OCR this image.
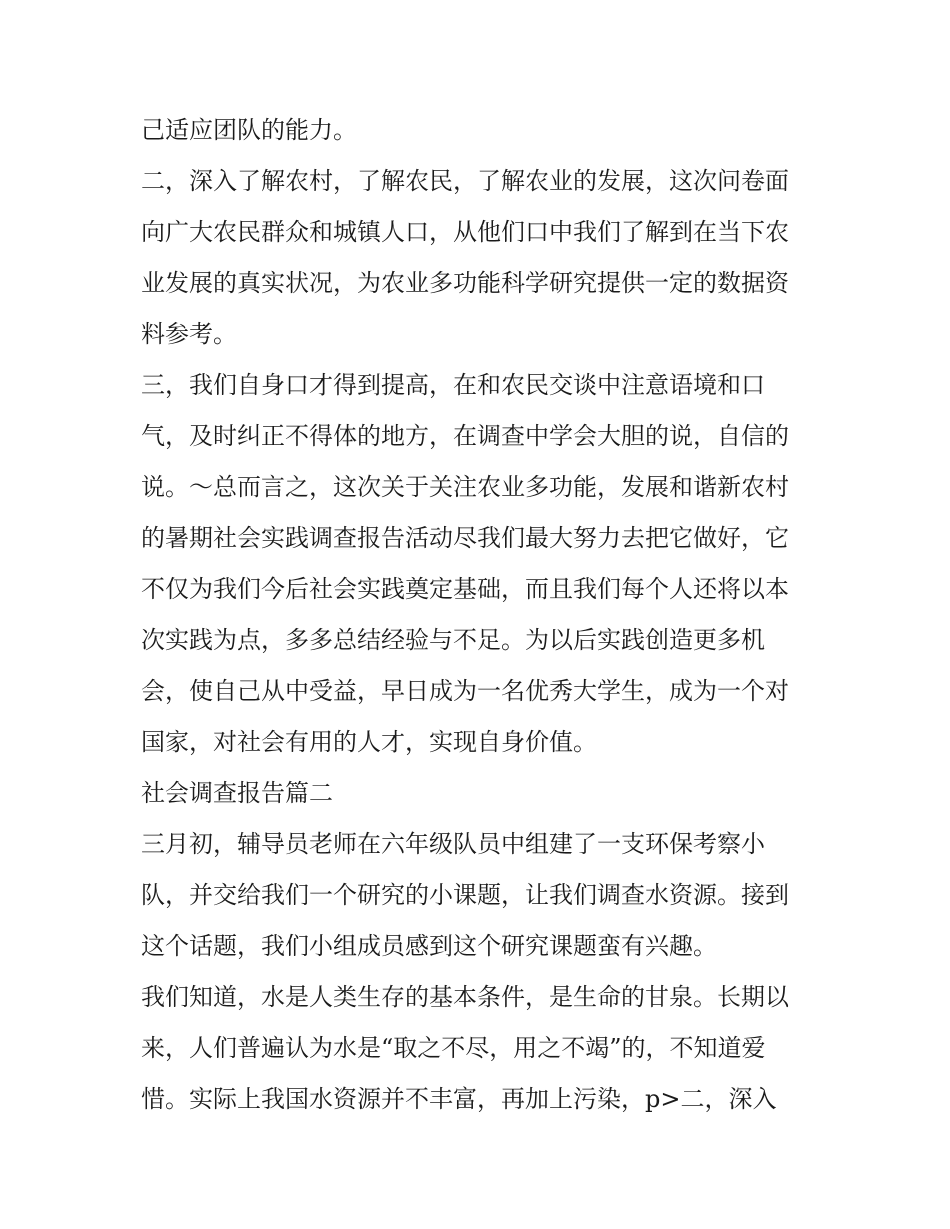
己适应团队的能力。
二，深入了解农村，了解农民，了解农业的发展，这次问卷面
向广大农民群众和城镇人口，从他们口中我们了解到在当下农
业发展的真实状况，为农业多功能科学研究提供一定的数据资
料参考。
三，我们自身口才得到提高，在和农民交谈中注意语境和口
气，及时纠正不得体的地方，在调查中学会大胆的说，自信的
说。～总而言之，这次关于关注农业多功能，发展和谐新农村
的暑期社会实践调查报告活动尽我们最大努力去把它做好，它
不仅为我们今后社会实践奠定基础，而且我们每个人还将以本
次实践为点，多多总结经验与不足。为以后实践创造更多机
会，使自己从中受益，早日成为一名优秀大学生，成为一个对
国家，对社会有用的人才，实现自身价值。
社会调查报告篇二
三月初，辅导员老师在六年级队员中组建了一支环保考察小
队，并交给我们一个研究的小课题，让我们调查水资源。接到
这个话题，我们小组成员感到这个研究课题蛮有兴趣。
我们知道，水是人类生存的基本条件，是生命的甘泉。长期以
来，人们普遍认为水是“取之不尽，用之不竭”的，不知道爱
惜。实际上我国水资源并不丰富，再加上污染，p>二，深入
